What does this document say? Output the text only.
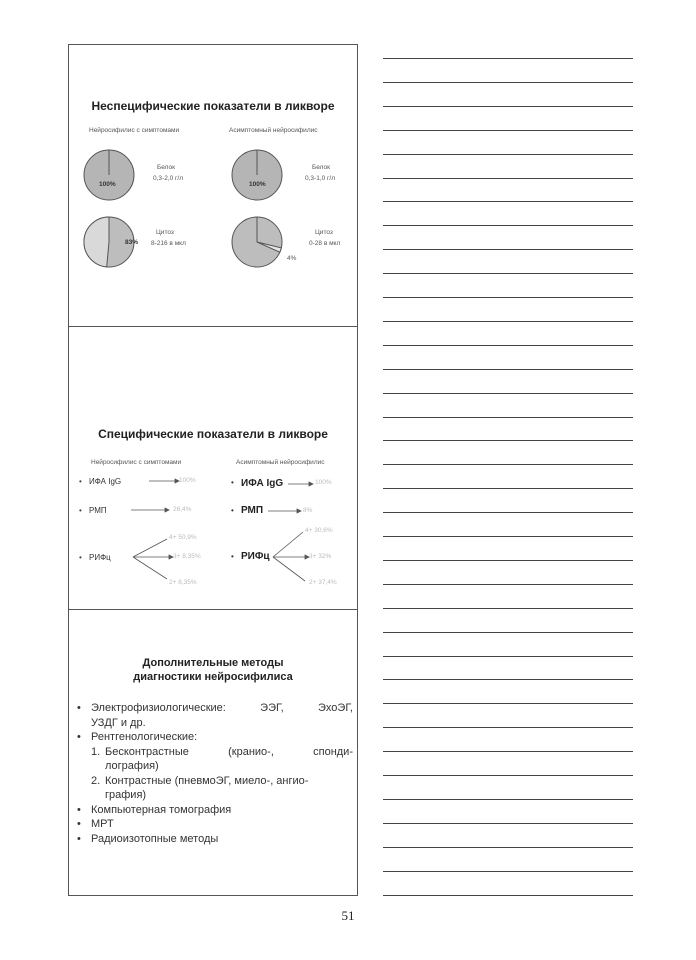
Неспецифические показатели в ликворе
Нейросифилис с симптомами	Асимптомный нейросифилис
100%
Белок
0,3-2,0 г/л
100%
Белок
0,3-1,0 г/л
83%
Цитоз
8-216 в мкл
4%
Цитоз
0-28 в мкл
Специфические показатели в ликворе
Нейросифилис с симптомами	Асимптомный нейросифилис
• ИФА IgG	100%
• РМП	26,4%
• РИФц
4+ 50,9%
3+ 8,35%
2+ 8,35%
• ИФА IgG	100%
• РМП	8%
• РИФц
4+ 30,6%
3+ 32%
2+ 37,4%
Дополнительные методы
диагностики нейросифилиса
• Электрофизиологические: ЭЭГ, ЭхоЭГ,
УЗДГ и др.
• Рентгенологические:
1. Бесконтрастные (кранио-, спонди-
лография)
2. Контрастные (пневмоЭГ, миело-, ангио-
графия)
• Компьютерная томография
• МРТ
• Радиоизотопные методы
51
